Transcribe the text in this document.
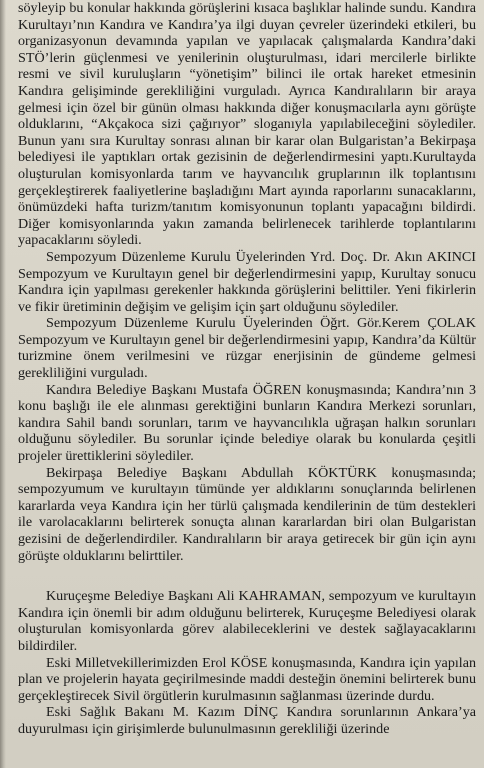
söyleyip bu konular hakkında görüşlerini kısaca başlıklar halinde sundu. Kandıra Kurultayı’nın Kandıra ve Kandıra’ya ilgi duyan çevreler üzerindeki etkileri, bu organizasyonun devamında yapılan ve yapılacak çalışmalarda Kandıra’daki STÖ’lerin güçlenmesi ve yenilerinin oluşturulması, idari mercilerle birlikte resmi ve sivil kuruluşların “yönetişim” bilinci ile ortak hareket etmesinin Kandıra gelişiminde gerekliliğini vurguladı. Ayrıca Kandıralıların bir araya gelmesi için özel bir günün olması hakkında diğer konuşmacılarla aynı görüşte olduklarını, “Akçakoca sizi çağırıyor” sloganıyla yapılabileceğini söylediler. Bunun yanı sıra Kurultay sonrası alınan bir karar olan Bulgaristan’a Bekirpaşa belediyesi ile yaptıkları ortak gezisinin de değerlendirmesini yaptı.Kurultayda oluşturulan komisyonlarda tarım ve hayvancılık gruplarının ilk toplantısını gerçekleştirerek faaliyetlerine başladığını Mart ayında raporlarını sunacaklarını, önümüzdeki hafta turizm/tanıtım komisyonunun toplantı yapacağını bildirdi. Diğer komisyonlarında yakın zamanda belirlenecek tarihlerde toplantılarını yapacaklarını söyledi.

Sempozyum Düzenleme Kurulu Üyelerinden Yrd. Doç. Dr. Akın AKINCI Sempozyum ve Kurultayın genel bir değerlendirmesini yapıp, Kurultay sonucu Kandıra için yapılması gerekenler hakkında görüşlerini belittiler. Yeni fikirlerin ve fikir üretiminin değişim ve gelişim için şart olduğunu söylediler.

Sempozyum Düzenleme Kurulu Üyelerinden Öğrt. Gör.Kerem ÇOLAK Sempozyum ve Kurultayın genel bir değerlendirmesini yapıp, Kandıra’da Kültür turizmine önem verilmesini ve rüzgar enerjisinin de gündeme gelmesi gerekliliğini vurguladı.

Kandıra Belediye Başkanı Mustafa ÖĞREN konuşmasında; Kandıra’nın 3 konu başlığı ile ele alınması gerektiğini bunların Kandıra Merkezi sorunları, kandıra Sahil bandı sorunları, tarım ve hayvancılıkla uğraşan halkın sorunları olduğunu söylediler. Bu sorunlar içinde belediye olarak bu konularda çeşitli projeler ürettiklerini söylediler.

Bekirpaşa Belediye Başkanı Abdullah KÖKTÜRK konuşmasında; sempozyumum ve kurultayın tümünde yer aldıklarını sonuçlarında belirlenen kararlarda veya Kandıra için her türlü çalışmada kendilerinin de tüm destekleri ile varolacaklarını belirterek sonuçta alınan kararlardan biri olan Bulgaristan gezisini de değerlendirdiler. Kandıralıların bir araya getirecek bir gün için aynı görüşte olduklarını belirttiler.

Kuruçeşme Belediye Başkanı Ali KAHRAMAN, sempozyum ve kurultayın Kandıra için önemli bir adım olduğunu belirterek, Kuruçeşme Belediyesi olarak oluşturulan komisyonlarda görev alabileceklerini ve destek sağlayacaklarını bildirdiler.

Eski Milletvekillerimizden Erol KÖSE konuşmasında, Kandıra için yapılan plan ve projelerin hayata geçirilmesinde maddi desteğin önemini belirterek bunu gerçekleştirecek Sivil örgütlerin kurulmasının sağlanması üzerinde durdu.

Eski Sağlık Bakanı M. Kazım DİNÇ Kandıra sorunlarının Ankara’ya duyurulması için girişimlerde bulunulmasının gerekliliği üzerinde
